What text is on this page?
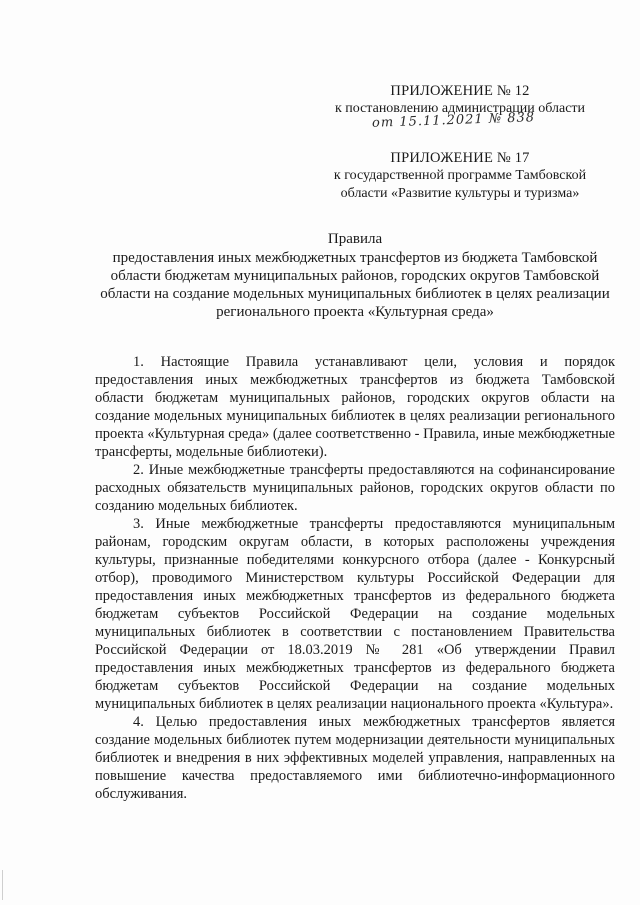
ПРИЛОЖЕНИЕ № 12
к постановлению администрации области
от 15.11.2021 № 838
ПРИЛОЖЕНИЕ № 17
к государственной программе Тамбовской
области «Развитие культуры и туризма»
Правила
предоставления иных межбюджетных трансфертов из бюджета Тамбовской области бюджетам муниципальных районов, городских округов Тамбовской области на создание модельных муниципальных библиотек в целях реализации регионального проекта «Культурная среда»

1. Настоящие Правила устанавливают цели, условия и порядок предоставления иных межбюджетных трансфертов из бюджета Тамбовской области бюджетам муниципальных районов, городских округов области на создание модельных муниципальных библиотек в целях реализации регионального проекта «Культурная среда» (далее соответственно - Правила, иные межбюджетные трансферты, модельные библиотеки).

2. Иные межбюджетные трансферты предоставляются на софинансирование расходных обязательств муниципальных районов, городских округов области по созданию модельных библиотек.

3. Иные межбюджетные трансферты предоставляются муниципальным районам, городским округам области, в которых расположены учреждения культуры, признанные победителями конкурсного отбора (далее - Конкурсный отбор), проводимого Министерством культуры Российской Федерации для предоставления иных межбюджетных трансфертов из федерального бюджета бюджетам субъектов Российской Федерации на создание модельных муниципальных библиотек в соответствии с постановлением Правительства Российской Федерации от 18.03.2019 № 281 «Об утверждении Правил предоставления иных межбюджетных трансфертов из федерального бюджета бюджетам субъектов Российской Федерации на создание модельных муниципальных библиотек в целях реализации национального проекта «Культура».

4. Целью предоставления иных межбюджетных трансфертов является создание модельных библиотек путем модернизации деятельности муниципальных библиотек и внедрения в них эффективных моделей управления, направленных на повышение качества предоставляемого ими библиотечно-информационного обслуживания.
